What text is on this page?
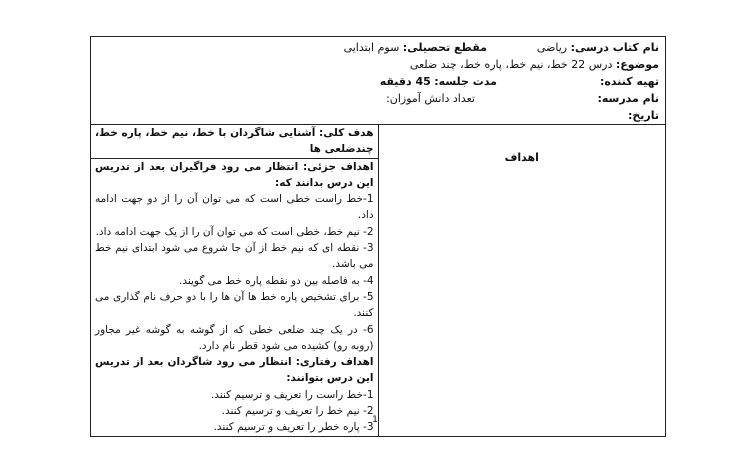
نام کتاب درسی: ریاضی
مقطع تحصیلی: سوم ابتدایی
موضوع: درس 22 خط، نیم خط، پاره خط، چند ضلعی
تهیه کننده:
مدت جلسه: 45 دقیقه
نام مدرسه:
تعداد دانش آموزان:
تاریخ:

اهداف	

هدف کلی: آشنایی شاگردان با خط، نیم خط، پاره خط، چندضلعی ها

اهداف جزئی: انتظار می رود فراگیران بعد از تدریس این درس بدانند که:

1-خط راست خطی است که می توان آن را از دو جهت ادامه داد.

2- نیم خط، خطی است که می توان آن را از یک جهت ادامه داد.

3- نقطه ای که نیم خط از آن جا شروع می شود ابتدای نیم خط می باشد.

4- به فاصله بین دو نقطه پاره خط می گویند.

5- برای تشخیص پاره خط ها آن ها را با دو حرف نام گذاری می کنند.

6- در یک چند ضلعی خطی که از گوشه به گوشه غیر مجاور (روبه رو) کشیده می شود قطر نام دارد.

اهداف رفتاری: انتظار می رود شاگردان بعد از تدریس این درس بتوانند:

1-خط راست را تعریف و ترسیم کنند.

2- نیم خط را تعریف و ترسیم کنند.

3- پاره خطر را تعریف و ترسیم کنند.

1
